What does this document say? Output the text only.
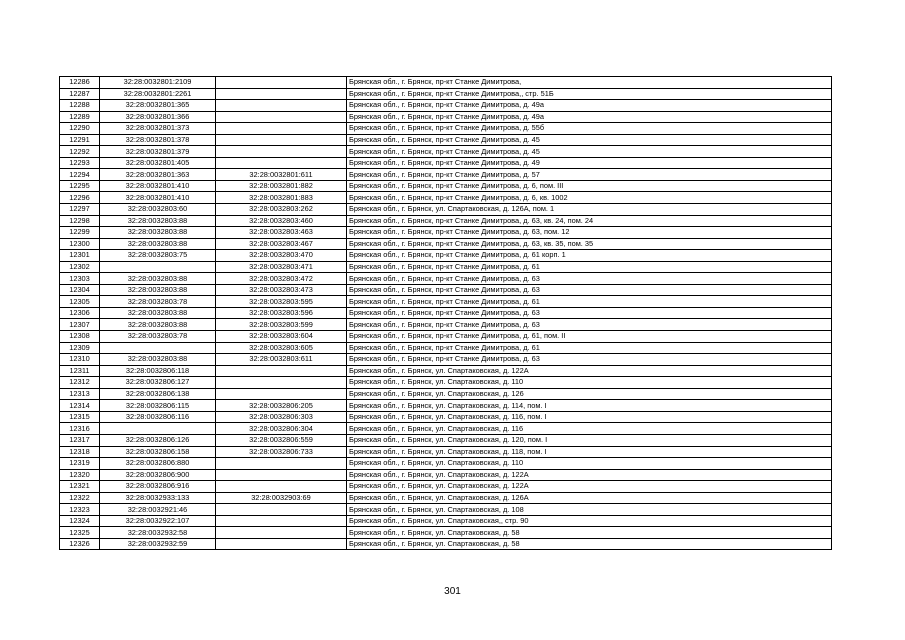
12286	32:28:0032801:2109		Брянская обл., г. Брянск, пр-кт Станке Димитрова,
12287	32:28:0032801:2261		Брянская обл., г. Брянск, пр-кт Станке Димитрова,, стр. 51Б
12288	32:28:0032801:365		Брянская обл., г. Брянск, пр-кт Станке Димитрова, д. 49а
12289	32:28:0032801:366		Брянская обл., г. Брянск, пр-кт Станке Димитрова, д. 49а
12290	32:28:0032801:373		Брянская обл., г. Брянск, пр-кт Станке Димитрова, д. 55б
12291	32:28:0032801:378		Брянская обл., г. Брянск, пр-кт Станке Димитрова, д. 45
12292	32:28:0032801:379		Брянская обл., г. Брянск, пр-кт Станке Димитрова, д. 45
12293	32:28:0032801:405		Брянская обл., г. Брянск, пр-кт Станке Димитрова, д. 49
12294	32:28:0032801:363	32:28:0032801:611	Брянская обл., г. Брянск, пр-кт Станке Димитрова, д. 57
12295	32:28:0032801:410	32:28:0032801:882	Брянская обл., г. Брянск, пр-кт Станке Димитрова, д. 6, пом. III
12296	32:28:0032801:410	32:28:0032801:883	Брянская обл., г. Брянск, пр-кт Станке Димитрова, д. 6, кв. 1002
12297	32:28:0032803:60	32:28:0032803:262	Брянская обл., г. Брянск, ул. Спартаковская, д. 126А, пом. 1
12298	32:28:0032803:88	32:28:0032803:460	Брянская обл., г. Брянск, пр-кт Станке Димитрова, д. 63, кв. 24, пом. 24
12299	32:28:0032803:88	32:28:0032803:463	Брянская обл., г. Брянск, пр-кт Станке Димитрова, д. 63, пом. 12
12300	32:28:0032803:88	32:28:0032803:467	Брянская обл., г. Брянск, пр-кт Станке Димитрова, д. 63, кв. 35, пом. 35
12301	32:28:0032803:75	32:28:0032803:470	Брянская обл., г. Брянск, пр-кт Станке Димитрова, д. 61 корп. 1
12302		32:28:0032803:471	Брянская обл., г. Брянск, пр-кт Станке Димитрова, д. 61
12303	32:28:0032803:88	32:28:0032803:472	Брянская обл., г. Брянск, пр-кт Станке Димитрова, д. 63
12304	32:28:0032803:88	32:28:0032803:473	Брянская обл., г. Брянск, пр-кт Станке Димитрова, д. 63
12305	32:28:0032803:78	32:28:0032803:595	Брянская обл., г. Брянск, пр-кт Станке Димитрова, д. 61
12306	32:28:0032803:88	32:28:0032803:596	Брянская обл., г. Брянск, пр-кт Станке Димитрова, д. 63
12307	32:28:0032803:88	32:28:0032803:599	Брянская обл., г. Брянск, пр-кт Станке Димитрова, д. 63
12308	32:28:0032803:78	32:28:0032803:604	Брянская обл., г. Брянск, пр-кт Станке Димитрова, д. 61, пом. II
12309		32:28:0032803:605	Брянская обл., г. Брянск, пр-кт Станке Димитрова, д. 61
12310	32:28:0032803:88	32:28:0032803:611	Брянская обл., г. Брянск, пр-кт Станке Димитрова, д. 63
12311	32:28:0032806:118		Брянская обл., г. Брянск, ул. Спартаковская, д. 122А
12312	32:28:0032806:127		Брянская обл., г. Брянск, ул. Спартаковская, д. 110
12313	32:28:0032806:138		Брянская обл., г. Брянск, ул. Спартаковская, д. 126
12314	32:28:0032806:115	32:28:0032806:205	Брянская обл., г. Брянск, ул. Спартаковская, д. 114, пом. I
12315	32:28:0032806:116	32:28:0032806:303	Брянская обл., г. Брянск, ул. Спартаковская, д. 116, пом. I
12316		32:28:0032806:304	Брянская обл., г. Брянск, ул. Спартаковская, д. 116
12317	32:28:0032806:126	32:28:0032806:559	Брянская обл., г. Брянск, ул. Спартаковская, д. 120, пом. I
12318	32:28:0032806:158	32:28:0032806:733	Брянская обл., г. Брянск, ул. Спартаковская, д. 118, пом. I
12319	32:28:0032806:880		Брянская обл., г. Брянск, ул. Спартаковская, д. 110
12320	32:28:0032806:900		Брянская обл., г. Брянск, ул. Спартаковская, д. 122А
12321	32:28:0032806:916		Брянская обл., г. Брянск, ул. Спартаковская, д. 122А
12322	32:28:0032933:133	32:28:0032903:69	Брянская обл., г. Брянск, ул. Спартаковская, д. 126А
12323	32:28:0032921:46		Брянская обл., г. Брянск, ул. Спартаковская, д. 108
12324	32:28:0032922:107		Брянская обл., г. Брянск, ул. Спартаковская,, стр. 90
12325	32:28:0032932:58		Брянская обл., г. Брянск, ул. Спартаковская, д. 58
12326	32:28:0032932:59		Брянская обл., г. Брянск, ул. Спартаковская, д. 58
301
